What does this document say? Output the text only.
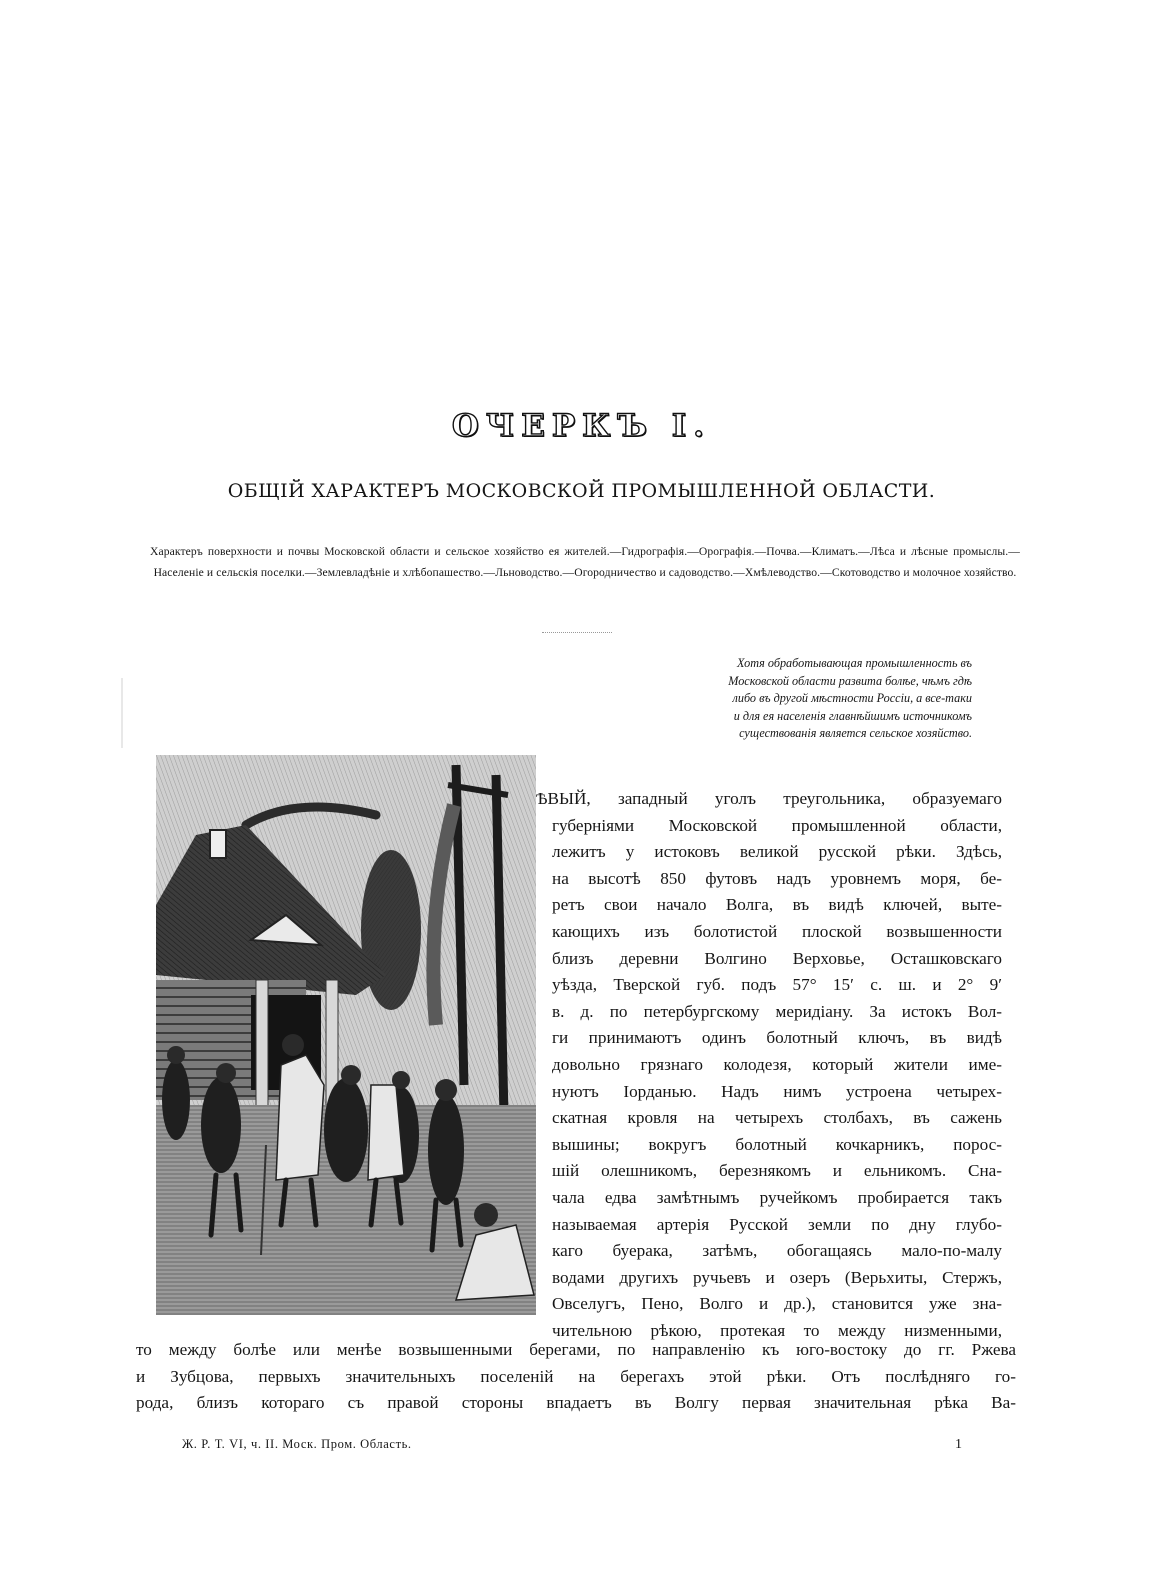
ОЧЕРКЪ I.
ОБЩІЙ ХАРАКТЕРЪ МОСКОВСКОЙ ПРОМЫШЛЕННОЙ ОБЛАСТИ.
Характеръ поверхности и почвы Московской области и сельское хозяйство ея жителей.—Гидрографія.—Орографія.—Почва.—Климатъ.—Лѣса и лѣсные промыслы.—Населеніе и сельскія поселки.—Землевладѣніе и хлѣбопашество.—Льноводство.—Огородничество и садоводство.—Хмѣлеводство.—Скотоводство и молочное хозяйство.
Хотя обработывающая промышленность въ
Московской области развита болѣе, чѣмъ гдѣ
либо въ другой мѣстности Россіи, а все-таки
и для ея населенія главнѣйшимъ источникомъ
существованія является сельское хозяйство.
ѢВЫЙ, западный уголъ треугольника, образуемаго
губерніями Московской промышленной области,
лежитъ у истоковъ великой русской рѣки. Здѣсь,
на высотѣ 850 футовъ надъ уровнемъ моря, бе-
ретъ свои начало Волга, въ видѣ ключей, выте-
кающихъ изъ болотистой плоской возвышенности
близъ деревни Волгино Верховье, Осташковскаго
уѣзда, Тверской губ. подъ 57° 15′ с. ш. и 2° 9′
в. д. по петербургскому меридіану. За истокъ Вол-
ги принимаютъ одинъ болотный ключъ, въ видѣ
довольно грязнаго колодезя, который жители име-
нуютъ Іорданью. Надъ нимъ устроена четырех-
скатная кровля на четырехъ столбахъ, въ сажень
вышины; вокругъ болотный кочкарникъ, порос-
шій олешникомъ, березнякомъ и ельникомъ. Сна-
чала едва замѣтнымъ ручейкомъ пробирается такъ
называемая артерія Русской земли по дну глубо-
каго буерака, затѣмъ, обогащаясь мало-по-малу
водами другихъ ручьевъ и озеръ (Верьхиты, Стержъ,
Овселугъ, Пено, Волго и др.), становится уже зна-
чительною рѣкою, протекая то между низменными,
то между болѣе или менѣе возвышенными берегами, по направленію къ юго-востоку до гг. Ржева
и Зубцова, первыхъ значительныхъ поселеній на берегахъ этой рѣки. Отъ послѣдняго го-
рода, близъ котораго съ правой стороны впадаетъ въ Волгу первая значительная рѣка Ва-
Ж. Р. Т. VI, ч. II. Моск. Пром. Область.	1
